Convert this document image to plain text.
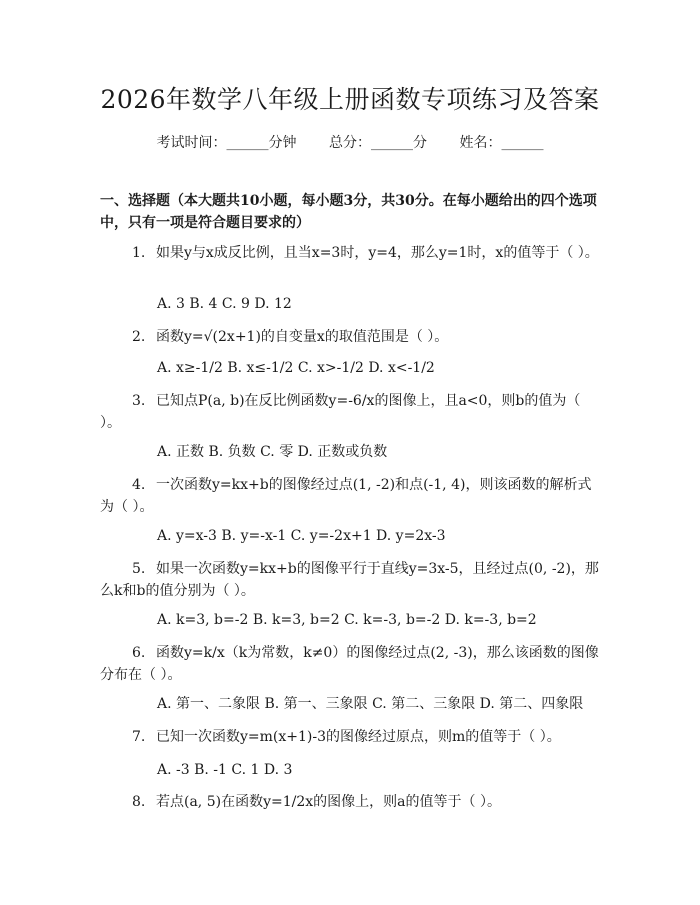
2026年数学八年级上册函数专项练习及答案
考试时间：______分钟 总分：______分 姓名：______

一、选择题（本大题共10小题，每小题3分，共30分。在每小题给出的四个选项中，只有一项是符合题目要求的）

1. 如果y与x成反比例，且当x=3时，y=4，那么y=1时，x的值等于（ ）。

A. 3 B. 4 C. 9 D. 12

2. 函数y=√(2x+1)的自变量x的取值范围是（ ）。

A. x≥-1/2 B. x≤-1/2 C. x>-1/2 D. x<-1/2

3. 已知点P(a, b)在反比例函数y=-6/x的图像上，且a<0，则b的值为（ ）。

A. 正数 B. 负数 C. 零 D. 正数或负数

4. 一次函数y=kx+b的图像经过点(1, -2)和点(-1, 4)，则该函数的解析式为（ ）。

A. y=x-3 B. y=-x-1 C. y=-2x+1 D. y=2x-3

5. 如果一次函数y=kx+b的图像平行于直线y=3x-5，且经过点(0, -2)，那么k和b的值分别为（ ）。

A. k=3, b=-2 B. k=3, b=2 C. k=-3, b=-2 D. k=-3, b=2

6. 函数y=k/x（k为常数，k≠0）的图像经过点(2, -3)，那么该函数的图像分布在（ ）。

A. 第一、二象限 B. 第一、三象限 C. 第二、三象限 D. 第二、四象限

7. 已知一次函数y=m(x+1)-3的图像经过原点，则m的值等于（ ）。

A. -3 B. -1 C. 1 D. 3

8. 若点(a, 5)在函数y=1/2x的图像上，则a的值等于（ ）。
